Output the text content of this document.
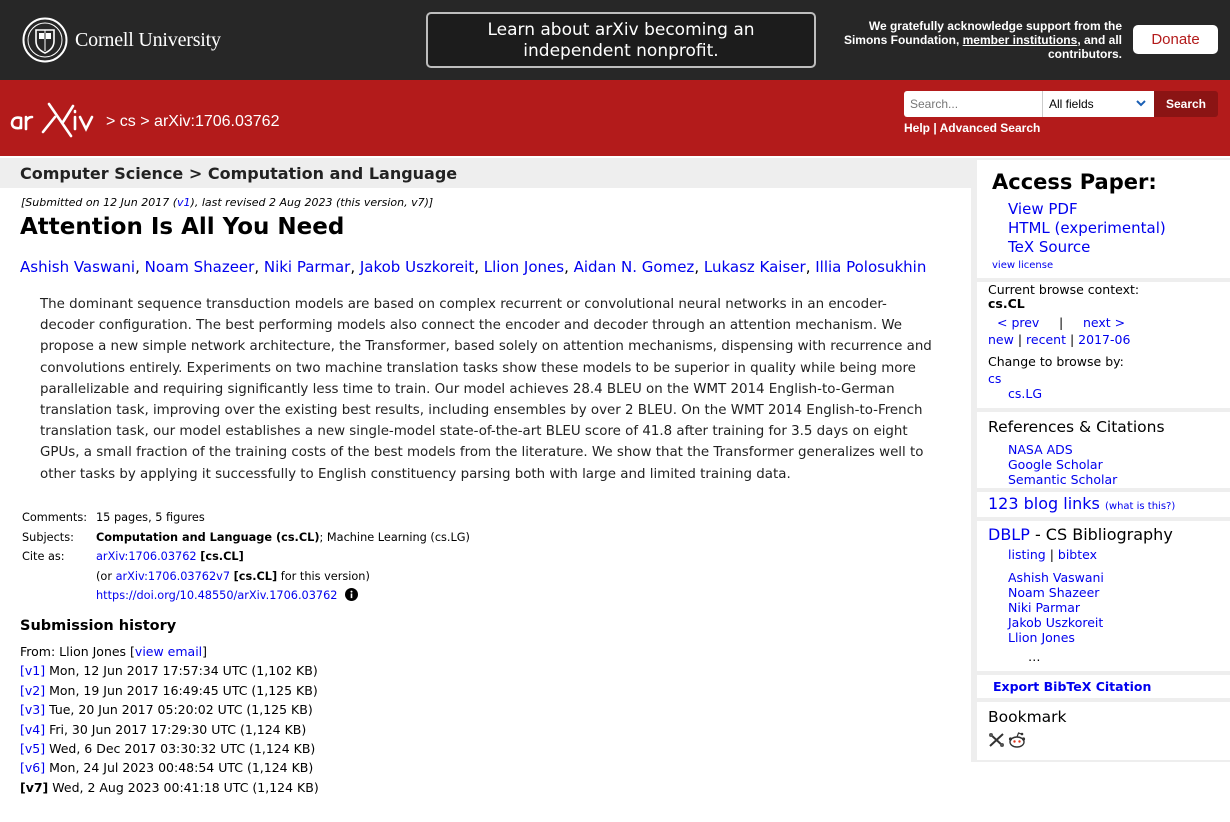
Cornell University	Learn about arXiv becoming an
independent nonprofit.
We gratefully acknowledge support from the
Simons Foundation, member institutions, and all
contributors.
Donate
> cs > arXiv:1706.03762
Search...	All fields	Search
Help | Advanced Search
Computer Science > Computation and Language
[Submitted on 12 Jun 2017 (v1), last revised 2 Aug 2023 (this version, v7)]
Attention Is All You Need
Ashish Vaswani, Noam Shazeer, Niki Parmar, Jakob Uszkoreit, Llion Jones, Aidan N. Gomez, Lukasz Kaiser, Illia Polosukhin
The dominant sequence transduction models are based on complex recurrent or convolutional neural networks in an encoder-
decoder configuration. The best performing models also connect the encoder and decoder through an attention mechanism. We
propose a new simple network architecture, the Transformer, based solely on attention mechanisms, dispensing with recurrence and
convolutions entirely. Experiments on two machine translation tasks show these models to be superior in quality while being more
parallelizable and requiring significantly less time to train. Our model achieves 28.4 BLEU on the WMT 2014 English-to-German
translation task, improving over the existing best results, including ensembles by over 2 BLEU. On the WMT 2014 English-to-French
translation task, our model establishes a new single-model state-of-the-art BLEU score of 41.8 after training for 3.5 days on eight
GPUs, a small fraction of the training costs of the best models from the literature. We show that the Transformer generalizes well to
other tasks by applying it successfully to English constituency parsing both with large and limited training data.
Comments: 15 pages, 5 figures
Subjects:	Computation and Language (cs.CL); Machine Learning (cs.LG)
Cite as:	arXiv:1706.03762 [cs.CL]
(or arXiv:1706.03762v7 [cs.CL] for this version)
https://doi.org/10.48550/arXiv.1706.03762
Submission history
From: Llion Jones [view email]
[v1] Mon, 12 Jun 2017 17:57:34 UTC (1,102 KB)
[v2] Mon, 19 Jun 2017 16:49:45 UTC (1,125 KB)
[v3] Tue, 20 Jun 2017 05:20:02 UTC (1,125 KB)
[v4] Fri, 30 Jun 2017 17:29:30 UTC (1,124 KB)
[v5] Wed, 6 Dec 2017 03:30:32 UTC (1,124 KB)
[v6] Mon, 24 Jul 2023 00:48:54 UTC (1,124 KB)
[v7] Wed, 2 Aug 2023 00:41:18 UTC (1,124 KB)
Access Paper:
View PDF
HTML (experimental)
TeX Source
view license
Current browse context:
cs.CL
< prev | next >
new | recent | 2017-06
Change to browse by:
cs
cs.LG
References & Citations
NASA ADS
Google Scholar
Semantic Scholar
123 blog links (what is this?)
DBLP - CS Bibliography
listing | bibtex
Ashish Vaswani
Noam Shazeer
Niki Parmar
Jakob Uszkoreit
Llion Jones
…
Export BibTeX Citation
Bookmark
